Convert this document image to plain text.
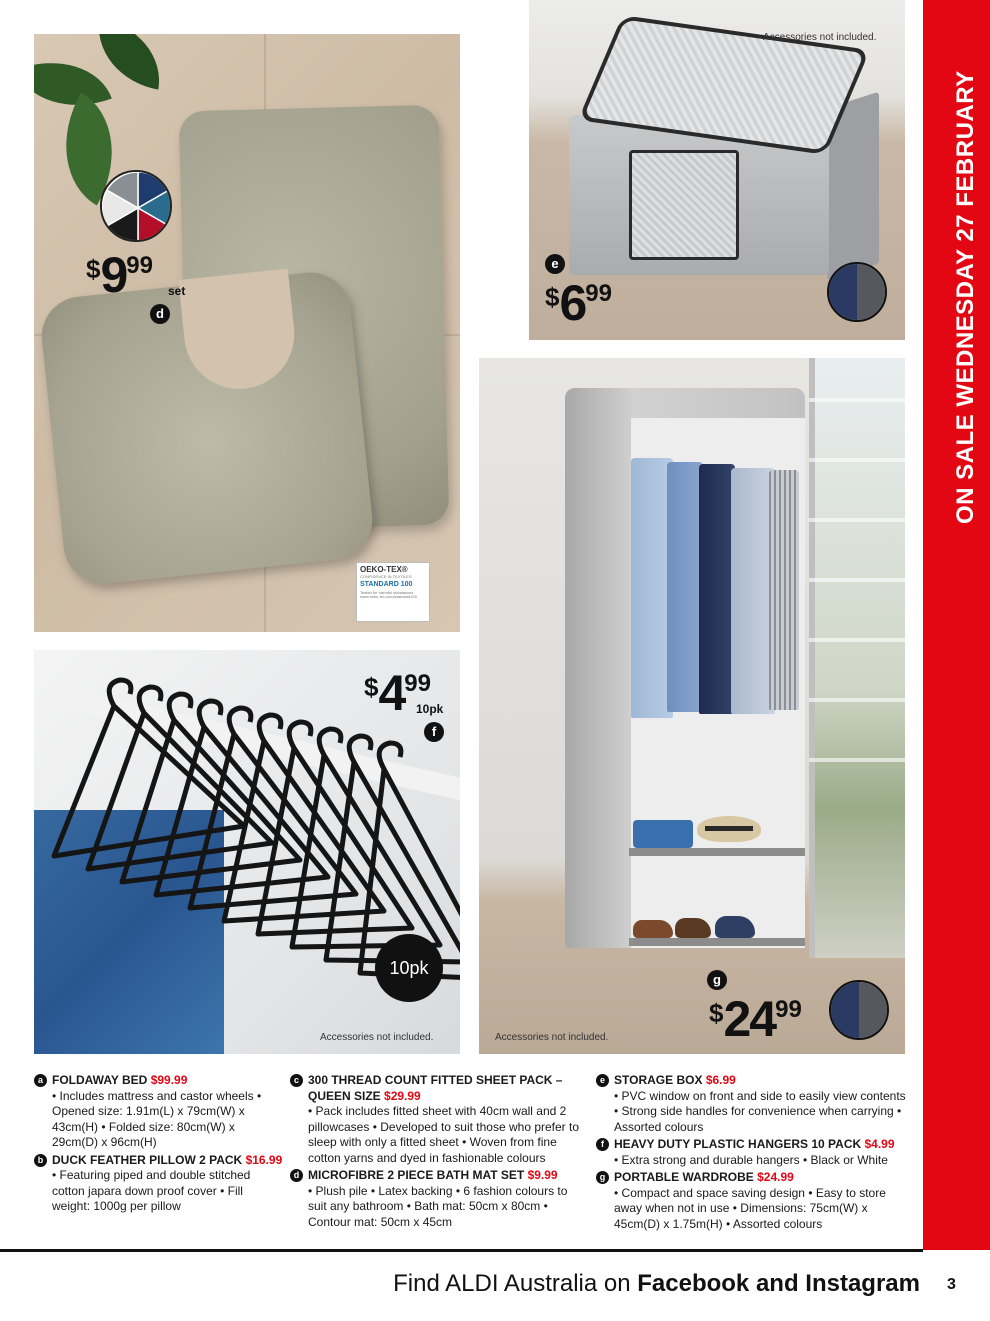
$999
set
d
OEKO-TEX®
CONFIDENCE IN TEXTILES
STANDARD 100
Tested for harmful substances. www.oeko-tex.com/standard100
Accessories not included.
e
$699
g
$2499
Accessories not included.
$499
10pk
f
10pk
Accessories not included.
ON SALE WEDNESDAY 27 FEBRUARY
a FOLDAWAY BED $99.99
• Includes mattress and castor wheels • Opened size: 1.91m(L) x 79cm(W) x 43cm(H) • Folded size: 80cm(W) x 29cm(D) x 96cm(H)
b DUCK FEATHER PILLOW 2 PACK $16.99
• Featuring piped and double stitched cotton japara down proof cover • Fill weight: 1000g per pillow
c 300 THREAD COUNT FITTED SHEET PACK – QUEEN SIZE $29.99
• Pack includes fitted sheet with 40cm wall and 2 pillowcases • Developed to suit those who prefer to sleep with only a fitted sheet • Woven from fine cotton yarns and dyed in fashionable colours
d MICROFIBRE 2 PIECE BATH MAT SET $9.99
• Plush pile • Latex backing • 6 fashion colours to suit any bathroom • Bath mat: 50cm x 80cm • Contour mat: 50cm x 45cm
e STORAGE BOX $6.99
• PVC window on front and side to easily view contents • Strong side handles for convenience when carrying • Assorted colours
f HEAVY DUTY PLASTIC HANGERS 10 PACK $4.99
• Extra strong and durable hangers • Black or White
g PORTABLE WARDROBE $24.99
• Compact and space saving design • Easy to store away when not in use • Dimensions: 75cm(W) x 45cm(D) x 1.75m(H) • Assorted colours
Find ALDI Australia on Facebook and Instagram 3
